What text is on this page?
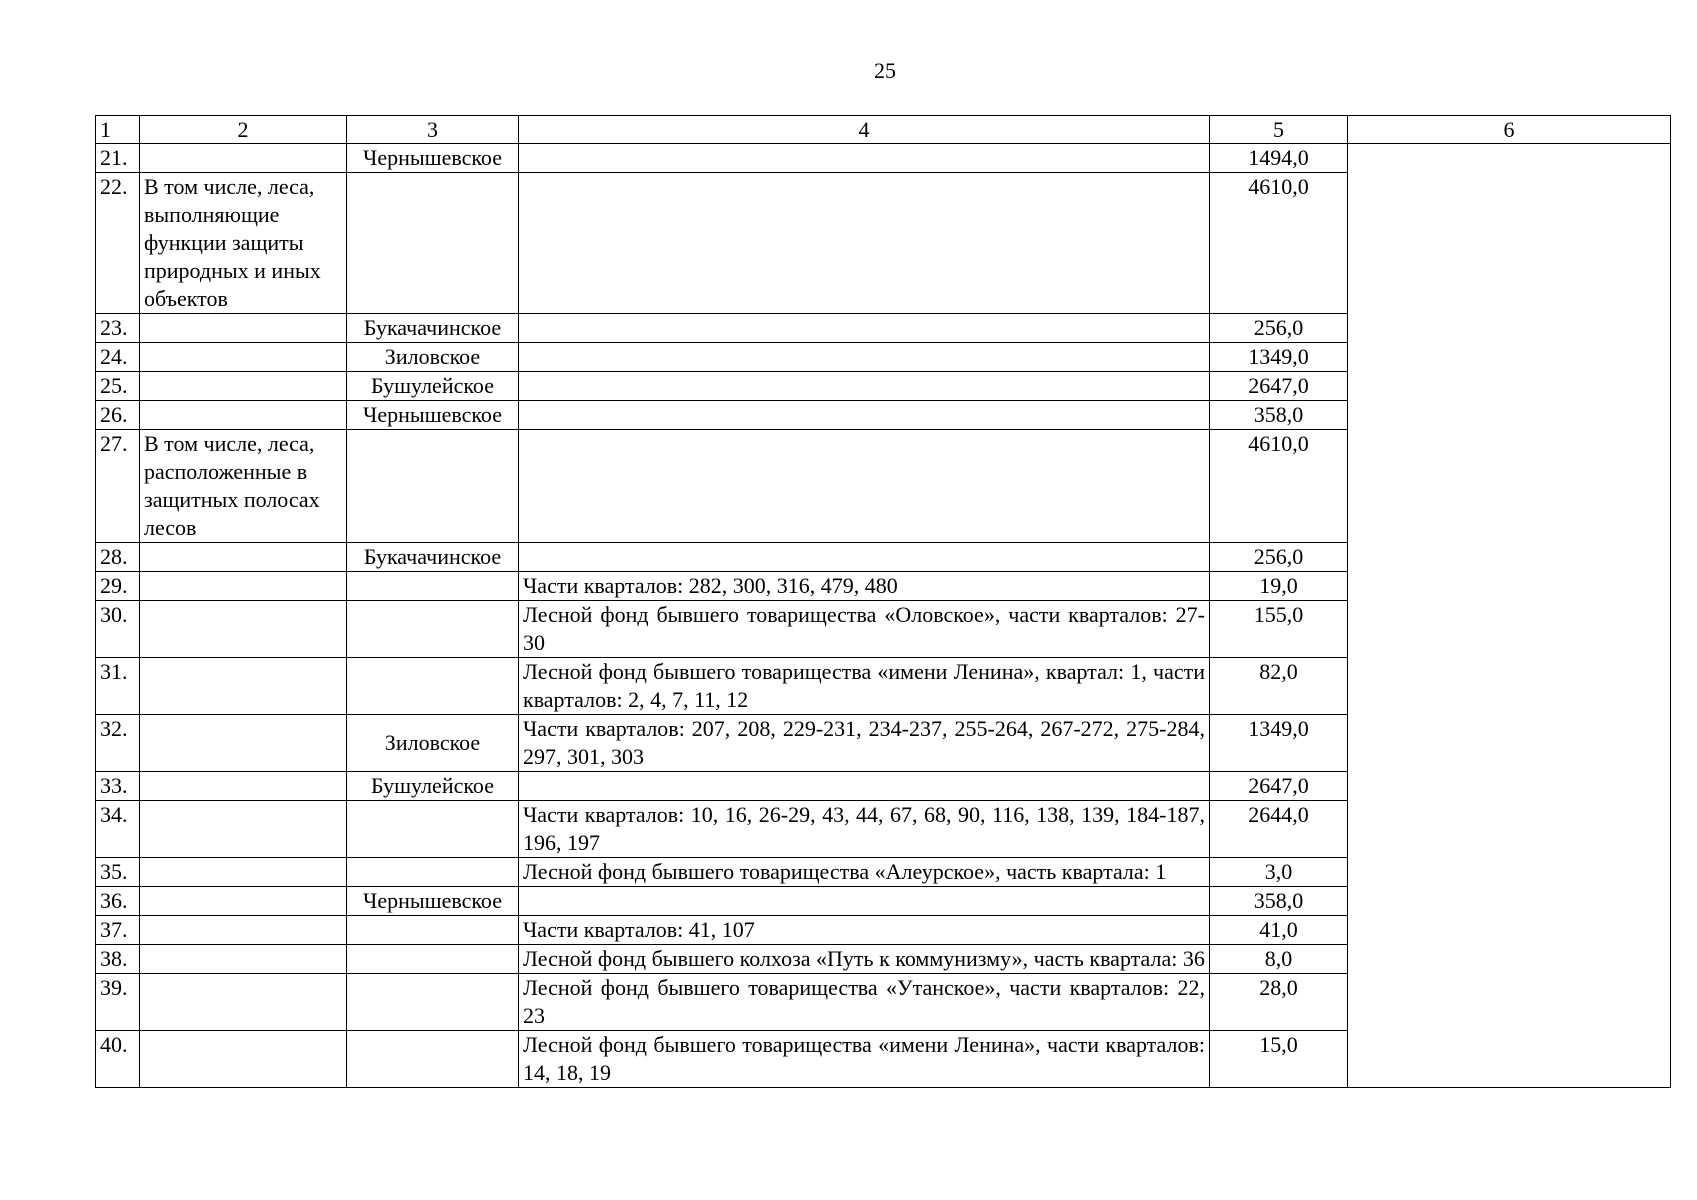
25
1	2	3	4	5	6
21.		Чернышевское		1494,0	
22.	В том числе, леса, выполняющие функции защиты природных и иных объектов			4610,0	
23.		Букачачинское		256,0	
24.		Зиловское		1349,0	
25.		Бушулейское		2647,0	
26.		Чернышевское		358,0	
27.	В том числе, леса, расположенные в защитных полосах лесов			4610,0	
28.		Букачачинское		256,0	
29.			Части кварталов: 282, 300, 316, 479, 480	19,0	
30.			Лесной фонд бывшего товарищества «Оловское», части кварталов: 27-30	155,0	
31.			Лесной фонд бывшего товарищества «имени Ленина», квартал: 1, части кварталов: 2, 4, 7, 11, 12	82,0	
32.		Зиловское	Части кварталов: 207, 208, 229-231, 234-237, 255-264, 267-272, 275-284, 297, 301, 303	1349,0	
33.		Бушулейское		2647,0	
34.			Части кварталов: 10, 16, 26-29, 43, 44, 67, 68, 90, 116, 138, 139, 184-187, 196, 197	2644,0	
35.			Лесной фонд бывшего товарищества «Алеурское», часть квартала: 1	3,0	
36.		Чернышевское		358,0	
37.			Части кварталов: 41, 107	41,0	
38.			Лесной фонд бывшего колхоза «Путь к коммунизму», часть квартала: 36	8,0	
39.			Лесной фонд бывшего товарищества «Утанское», части кварталов: 22, 23	28,0	
40.			Лесной фонд бывшего товарищества «имени Ленина», части кварталов: 14, 18, 19	15,0	
